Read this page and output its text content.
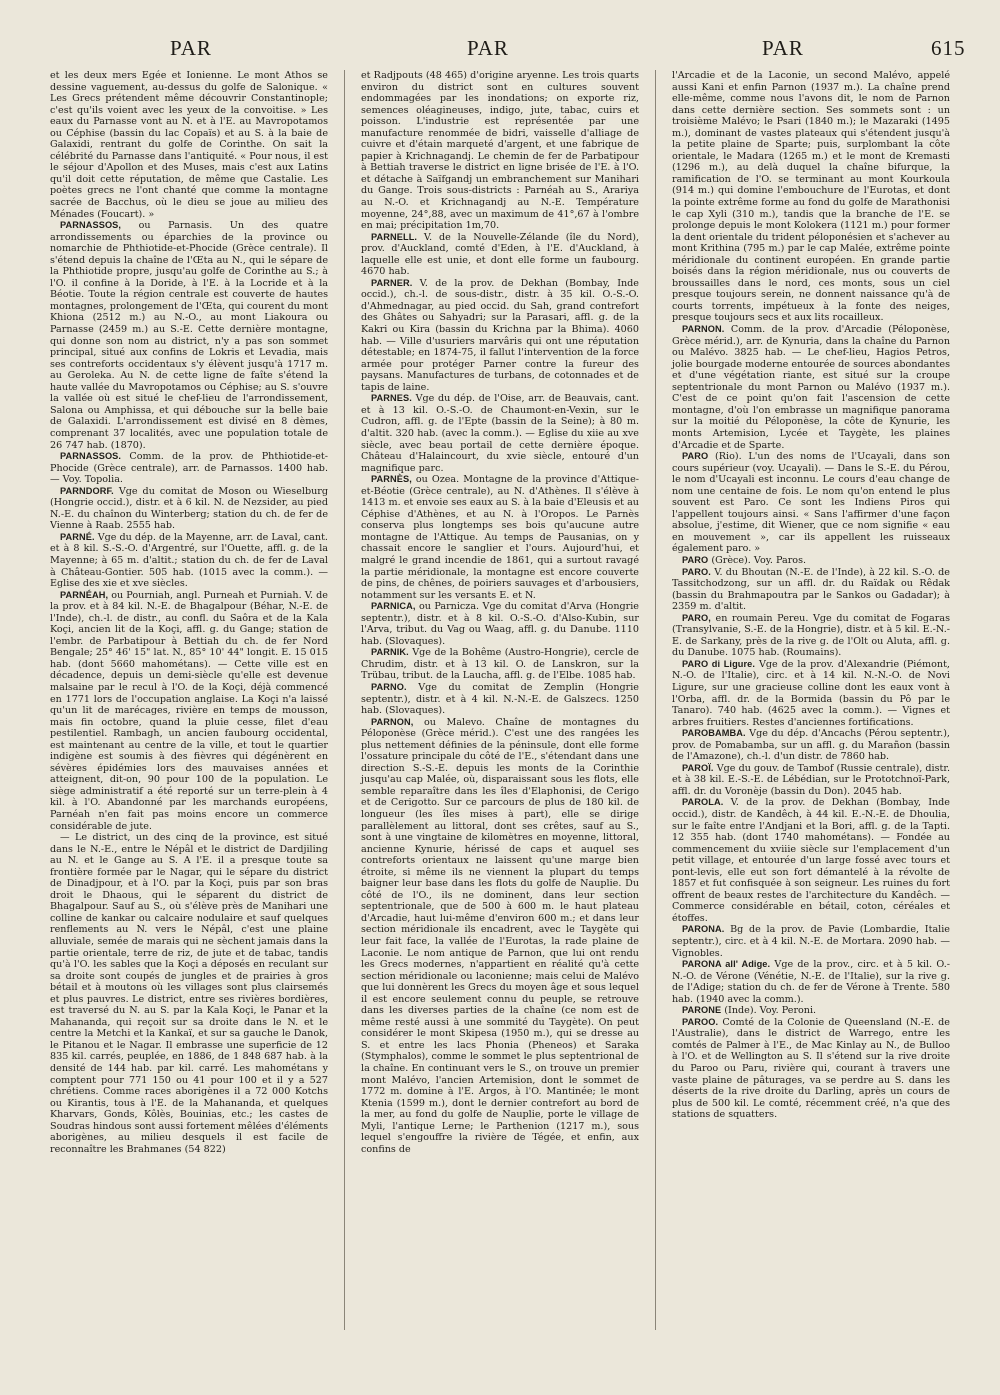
PAR	PAR	PAR	615

et les deux mers Egée et Ionienne. Le mont Athos se dessine vaguement, au-dessus du golfe de Salonique. « Les Grecs prétendent même découvrir Constantinople; c'est qu'ils voient avec les yeux de la convoitise. » Les eaux du Parnasse vont au N. et à l'E. au Mavropotamos ou Céphise (bassin du lac Copaïs) et au S. à la baie de Galaxidi, rentrant du golfe de Corinthe. On sait la célébrité du Parnasse dans l'antiquité. « Pour nous, il est le séjour d'Apollon et des Muses, mais c'est aux Latins qu'il doit cette réputation, de même que Castalie. Les poètes grecs ne l'ont chanté que comme la montagne sacrée de Bacchus, où le dieu se joue au milieu des Ménades (Foucart). »

PARNASSOS, ou Parnasis. Un des quatre arrondissements ou éparchies de la province ou nomarchie de Phthiotide-et-Phocide (Grèce centrale). Il s'étend depuis la chaîne de l'Œta au N., qui le sépare de la Phthiotide propre, jusqu'au golfe de Corinthe au S.; à l'O. il confine à la Doride, à l'E. à la Locride et à la Béotie. Toute la région centrale est couverte de hautes montagnes, prolongement de l'Œta, qui courent du mont Khiona (2512 m.) au N.-O., au mont Liakoura ou Parnasse (2459 m.) au S.-E. Cette dernière montagne, qui donne son nom au district, n'y a pas son sommet principal, situé aux confins de Lokris et Levadia, mais ses contreforts occidentaux s'y élèvent jusqu'à 1717 m. au Geroleka. Au N. de cette ligne de faîte s'étend la haute vallée du Mavropotamos ou Céphise; au S. s'ouvre la vallée où est situé le chef-lieu de l'arrondissement, Salona ou Amphissa, et qui débouche sur la belle baie de Galaxidi. L'arrondissement est divisé en 8 dèmes, comprenant 37 localités, avec une population totale de 26 747 hab. (1870).

PARNASSOS. Comm. de la prov. de Phthiotide-et-Phocide (Grèce centrale), arr. de Parnassos. 1400 hab. — Voy. Topolia.

PARNDORF. Vge du comitat de Moson ou Wieselburg (Hongrie occid.), distr. et à 6 kil. N. de Nezsider, au pied N.-E. du chaînon du Winterberg; station du ch. de fer de Vienne à Raab. 2555 hab.

PARNÉ. Vge du dép. de la Mayenne, arr. de Laval, cant. et à 8 kil. S.-S.-O. d'Argentré, sur l'Ouette, affl. g. de la Mayenne; à 65 m. d'altit.; station du ch. de fer de Laval à Château-Gontier. 505 hab. (1015 avec la comm.). — Eglise des xie et xve siècles.

PARNÉAH, ou Pourniah, angl. Purneah et Purniah. V. de la prov. et à 84 kil. N.-E. de Bhagalpour (Béhar, N.-E. de l'Inde), ch.-l. de distr., au confl. du Saôra et de la Kala Koçi, ancien lit de la Koçi, affl. g. du Gange; station de l'embr. de Parbatipour à Bettiah du ch. de fer Nord Bengale; 25° 46' 15" lat. N., 85° 10' 44" longit. E. 15 015 hab. (dont 5660 mahométans). — Cette ville est en décadence, depuis un demi-siècle qu'elle est devenue malsaine par le recul à l'O. de la Koçi, déjà commencé en 1771 lors de l'occupation anglaise. La Koçi n'a laissé qu'un lit de marécages, rivière en temps de mousson, mais fin octobre, quand la pluie cesse, filet d'eau pestilentiel. Rambagh, un ancien faubourg occidental, est maintenant au centre de la ville, et tout le quartier indigène est soumis à des fièvres qui dégénèrent en sévères épidémies lors des mauvaises années et atteignent, dit-on, 90 pour 100 de la population. Le siège administratif a été reporté sur un terre-plein à 4 kil. à l'O. Abandonné par les marchands européens, Parnéah n'en fait pas moins encore un commerce considérable de jute.

— Le district, un des cinq de la province, est situé dans le N.-E., entre le Népâl et le district de Dardjiling au N. et le Gange au S. A l'E. il a presque toute sa frontière formée par le Nagar, qui le sépare du district de Dinadjpour, et à l'O. par la Koçi, puis par son bras droit le Dhaous, qui le séparent du district de Bhagalpour. Sauf au S., où s'élève près de Manihari une colline de kankar ou calcaire nodulaire et sauf quelques renflements au N. vers le Népâl, c'est une plaine alluviale, semée de marais qui ne sèchent jamais dans la partie orientale, terre de riz, de jute et de tabac, tandis qu'à l'O. les sables que la Koçi a déposés en reculant sur sa droite sont coupés de jungles et de prairies à gros bétail et à moutons où les villages sont plus clairsemés et plus pauvres. Le district, entre ses rivières bordières, est traversé du N. au S. par la Kala Koçi, le Panar et la Mahananda, qui reçoit sur sa droite dans le N. et le centre la Metchi et la Kankaï, et sur sa gauche le Danok, le Pitanou et le Nagar. Il embrasse une superficie de 12 835 kil. carrés, peuplée, en 1886, de 1 848 687 hab. à la densité de 144 hab. par kil. carré. Les mahométans y comptent pour 771 150 ou 41 pour 100 et il y a 527 chrétiens. Comme races aborigènes il a 72 000 Kotchs ou Kirantis, tous à l'E. de la Mahananda, et quelques Kharvars, Gonds, Kôlès, Bouinias, etc.; les castes de Soudras hindous sont aussi fortement mêlées d'éléments aborigènes, au milieu desquels il est facile de reconnaître les Brahmanes (54 822)

et Radjpouts (48 465) d'origine aryenne. Les trois quarts environ du district sont en cultures souvent endommagées par les inondations; on exporte riz, semences oléagineuses, indigo, jute, tabac, cuirs et poisson. L'industrie est représentée par une manufacture renommée de bidri, vaisselle d'alliage de cuivre et d'étain marqueté d'argent, et une fabrique de papier à Krichnagandj. Le chemin de fer de Parbatipour à Bettiah traverse le district en ligne brisée de l'E. à l'O. et détache à Saïfgandj un embranchement sur Manihari du Gange. Trois sous-districts : Parnéah au S., Arariya au N.-O. et Krichnagandj au N.-E. Température moyenne, 24°,88, avec un maximum de 41°,67 à l'ombre en mai; précipitation 1m,70.

PARNELL. V. de la Nouvelle-Zélande (île du Nord), prov. d'Auckland, comté d'Eden, à l'E. d'Auckland, à laquelle elle est unie, et dont elle forme un faubourg. 4670 hab.

PARNER. V. de la prov. de Dekhan (Bombay, Inde occid.), ch.-l. de sous-distr., distr. à 35 kil. O.-S.-O. d'Ahmednagar, au pied occid. du Sah, grand contrefort des Ghâtes ou Sahyadri; sur la Parasari, affl. g. de la Kakri ou Kira (bassin du Krichna par la Bhima). 4060 hab. — Ville d'usuriers marvâris qui ont une réputation détestable; en 1874-75, il fallut l'intervention de la force armée pour protéger Parner contre la fureur des paysans. Manufactures de turbans, de cotonnades et de tapis de laine.

PARNES. Vge du dép. de l'Oise, arr. de Beauvais, cant. et à 13 kil. O.-S.-O. de Chaumont-en-Vexin, sur le Cudron, affl. g. de l'Epte (bassin de la Seine); à 80 m. d'altit. 320 hab. (avec la comm.). — Eglise du xiie au xve siècle, avec beau portail de cette dernière époque. Château d'Halaincourt, du xvie siècle, entouré d'un magnifique parc.

PARNÈS, ou Ozea. Montagne de la province d'Attique-et-Béotie (Grèce centrale), au N. d'Athènes. Il s'élève à 1413 m. et envoie ses eaux au S. à la baie d'Eleusis et au Céphise d'Athènes, et au N. à l'Oropos. Le Parnès conserva plus longtemps ses bois qu'aucune autre montagne de l'Attique. Au temps de Pausanias, on y chassait encore le sanglier et l'ours. Aujourd'hui, et malgré le grand incendie de 1861, qui a surtout ravagé la partie méridionale, la montagne est encore couverte de pins, de chênes, de poiriers sauvages et d'arbousiers, notamment sur les versants E. et N.

PARNICA, ou Parnicza. Vge du comitat d'Arva (Hongrie septentr.), distr. et à 8 kil. O.-S.-O. d'Also-Kubin, sur l'Arva, tribut. du Vag ou Waag, affl. g. du Danube. 1110 hab. (Slovaques).

PARNIK. Vge de la Bohême (Austro-Hongrie), cercle de Chrudim, distr. et à 13 kil. O. de Lanskron, sur la Trübau, tribut. de la Laucha, affl. g. de l'Elbe. 1085 hab.

PARNO. Vge du comitat de Zemplin (Hongrie septentr.), distr. et à 4 kil. N.-N.-E. de Galszecs. 1250 hab. (Slovaques).

PARNON, ou Malevo. Chaîne de montagnes du Péloponèse (Grèce mérid.). C'est une des rangées les plus nettement définies de la péninsule, dont elle forme l'ossature principale du côté de l'E., s'étendant dans une direction S.-S.-E. depuis les monts de la Corinthie jusqu'au cap Malée, où, disparaissant sous les flots, elle semble reparaître dans les îles d'Elaphonisi, de Cerigo et de Cerigotto. Sur ce parcours de plus de 180 kil. de longueur (les îles mises à part), elle se dirige parallèlement au littoral, dont ses crêtes, sauf au S., sont à une vingtaine de kilomètres en moyenne, littoral, ancienne Kynurie, hérissé de caps et auquel ses contreforts orientaux ne laissent qu'une marge bien étroite, si même ils ne viennent la plupart du temps baigner leur base dans les flots du golfe de Nauplie. Du côté de l'O., ils ne dominent, dans leur section septentrionale, que de 500 à 600 m. le haut plateau d'Arcadie, haut lui-même d'environ 600 m.; et dans leur section méridionale ils encadrent, avec le Taygète qui leur fait face, la vallée de l'Eurotas, la rade plaine de Laconie. Le nom antique de Parnon, que lui ont rendu les Grecs modernes, n'appartient en réalité qu'à cette section méridionale ou laconienne; mais celui de Malévo que lui donnèrent les Grecs du moyen âge et sous lequel il est encore seulement connu du peuple, se retrouve dans les diverses parties de la chaîne (ce nom est de même resté aussi à une sommité du Taygète). On peut considérer le mont Skipesa (1950 m.), qui se dresse au S. et entre les lacs Phonia (Pheneos) et Saraka (Stymphalos), comme le sommet le plus septentrional de la chaîne. En continuant vers le S., on trouve un premier mont Malévo, l'ancien Artemision, dont le sommet de 1772 m. domine à l'E. Argos, à l'O. Mantinée; le mont Ktenia (1599 m.), dont le dernier contrefort au bord de la mer, au fond du golfe de Nauplie, porte le village de Myli, l'antique Lerne; le Parthenion (1217 m.), sous lequel s'engouffre la rivière de Tégée, et enfin, aux confins de

l'Arcadie et de la Laconie, un second Malévo, appelé aussi Kani et enfin Parnon (1937 m.). La chaîne prend elle-même, comme nous l'avons dit, le nom de Parnon dans cette dernière section. Ses sommets sont : un troisième Malévo; le Psari (1840 m.); le Mazaraki (1495 m.), dominant de vastes plateaux qui s'étendent jusqu'à la petite plaine de Sparte; puis, surplombant la côte orientale, le Madara (1265 m.) et le mont de Kremasti (1296 m.), au delà duquel la chaîne bifurque, la ramification de l'O. se terminant au mont Kourkoula (914 m.) qui domine l'embouchure de l'Eurotas, et dont la pointe extrême forme au fond du golfe de Marathonisi le cap Xyli (310 m.), tandis que la branche de l'E. se prolonge depuis le mont Kolokera (1121 m.) pour former la dent orientale du trident péloponésien et s'achever au mont Krithina (795 m.) par le cap Malée, extrême pointe méridionale du continent européen. En grande partie boisés dans la région méridionale, nus ou couverts de broussailles dans le nord, ces monts, sous un ciel presque toujours serein, ne donnent naissance qu'à de courts torrents, impétueux à la fonte des neiges, presque toujours secs et aux lits rocailleux.

PARNON. Comm. de la prov. d'Arcadie (Péloponèse, Grèce mérid.), arr. de Kynuria, dans la chaîne du Parnon ou Malévo. 3825 hab. — Le chef-lieu, Hagios Petros, jolie bourgade moderne entourée de sources abondantes et d'une végétation riante, est situé sur la croupe septentrionale du mont Parnon ou Malévo (1937 m.). C'est de ce point qu'on fait l'ascension de cette montagne, d'où l'on embrasse un magnifique panorama sur la moitié du Péloponèse, la côte de Kynurie, les monts Artemision, Lycée et Taygète, les plaines d'Arcadie et de Sparte.

PARO (Rio). L'un des noms de l'Ucayali, dans son cours supérieur (voy. Ucayali). — Dans le S.-E. du Pérou, le nom d'Ucayali est inconnu. Le cours d'eau change de nom une centaine de fois. Le nom qu'on entend le plus souvent est Paro. Ce sont les Indiens Piros qui l'appellent toujours ainsi. « Sans l'affirmer d'une façon absolue, j'estime, dit Wiener, que ce nom signifie « eau en mouvement », car ils appellent les ruisseaux également paro. »

PARO (Grèce). Voy. Paros.

PARO. V. du Bhoutan (N.-E. de l'Inde), à 22 kil. S.-O. de Tassitchodzong, sur un affl. dr. du Raïdak ou Rêdak (bassin du Brahmapoutra par le Sankos ou Gadadar); à 2359 m. d'altit.

PARO, en roumain Pereu. Vge du comitat de Fogaras (Transylvanie, S.-E. de la Hongrie), distr. et à 5 kil. E.-N.-E. de Sarkany, près de la rive g. de l'Olt ou Aluta, affl. g. du Danube. 1075 hab. (Roumains).

PARO di Ligure. Vge de la prov. d'Alexandrie (Piémont, N.-O. de l'Italie), circ. et à 14 kil. N.-N.-O. de Novi Ligure, sur une gracieuse colline dont les eaux vont à l'Orba, affl. dr. de la Bormida (bassin du Pô par le Tanaro). 740 hab. (4625 avec la comm.). — Vignes et arbres fruitiers. Restes d'anciennes fortifications.

PAROBAMBA. Vge du dép. d'Ancachs (Pérou septentr.), prov. de Pomabamba, sur un affl. g. du Marañon (bassin de l'Amazone), ch.-l. d'un distr. de 7860 hab.

PAROÏ. Vge du gouv. de Tambof (Russie centrale), distr. et à 38 kil. E.-S.-E. de Lébédian, sur le Prototchnoï-Park, affl. dr. du Voronèje (bassin du Don). 2045 hab.

PAROLA. V. de la prov. de Dekhan (Bombay, Inde occid.), distr. de Kandêch, à 44 kil. E.-N.-E. de Dhoulia, sur le faîte entre l'Andjani et la Bori, affl. g. de la Tapti. 12 355 hab. (dont 1740 mahométans). — Fondée au commencement du xviiie siècle sur l'emplacement d'un petit village, et entourée d'un large fossé avec tours et pont-levis, elle eut son fort démantelé à la révolte de 1857 et fut confisquée à son seigneur. Les ruines du fort offrent de beaux restes de l'architecture du Kandêch. — Commerce considérable en bétail, coton, céréales et étoffes.

PARONA. Bg de la prov. de Pavie (Lombardie, Italie septentr.), circ. et à 4 kil. N.-E. de Mortara. 2090 hab. — Vignobles.

PARONA all' Adige. Vge de la prov., circ. et à 5 kil. O.-N.-O. de Vérone (Vénétie, N.-E. de l'Italie), sur la rive g. de l'Adige; station du ch. de fer de Vérone à Trente. 580 hab. (1940 avec la comm.).

PARONE (Inde). Voy. Peroni.

PAROO. Comté de la Colonie de Queensland (N.-E. de l'Australie), dans le district de Warrego, entre les comtés de Palmer à l'E., de Mac Kinlay au N., de Bulloo à l'O. et de Wellington au S. Il s'étend sur la rive droite du Paroo ou Paru, rivière qui, courant à travers une vaste plaine de pâturages, va se perdre au S. dans les déserts de la rive droite du Darling, après un cours de plus de 500 kil. Le comté, récemment créé, n'a que des stations de squatters.
